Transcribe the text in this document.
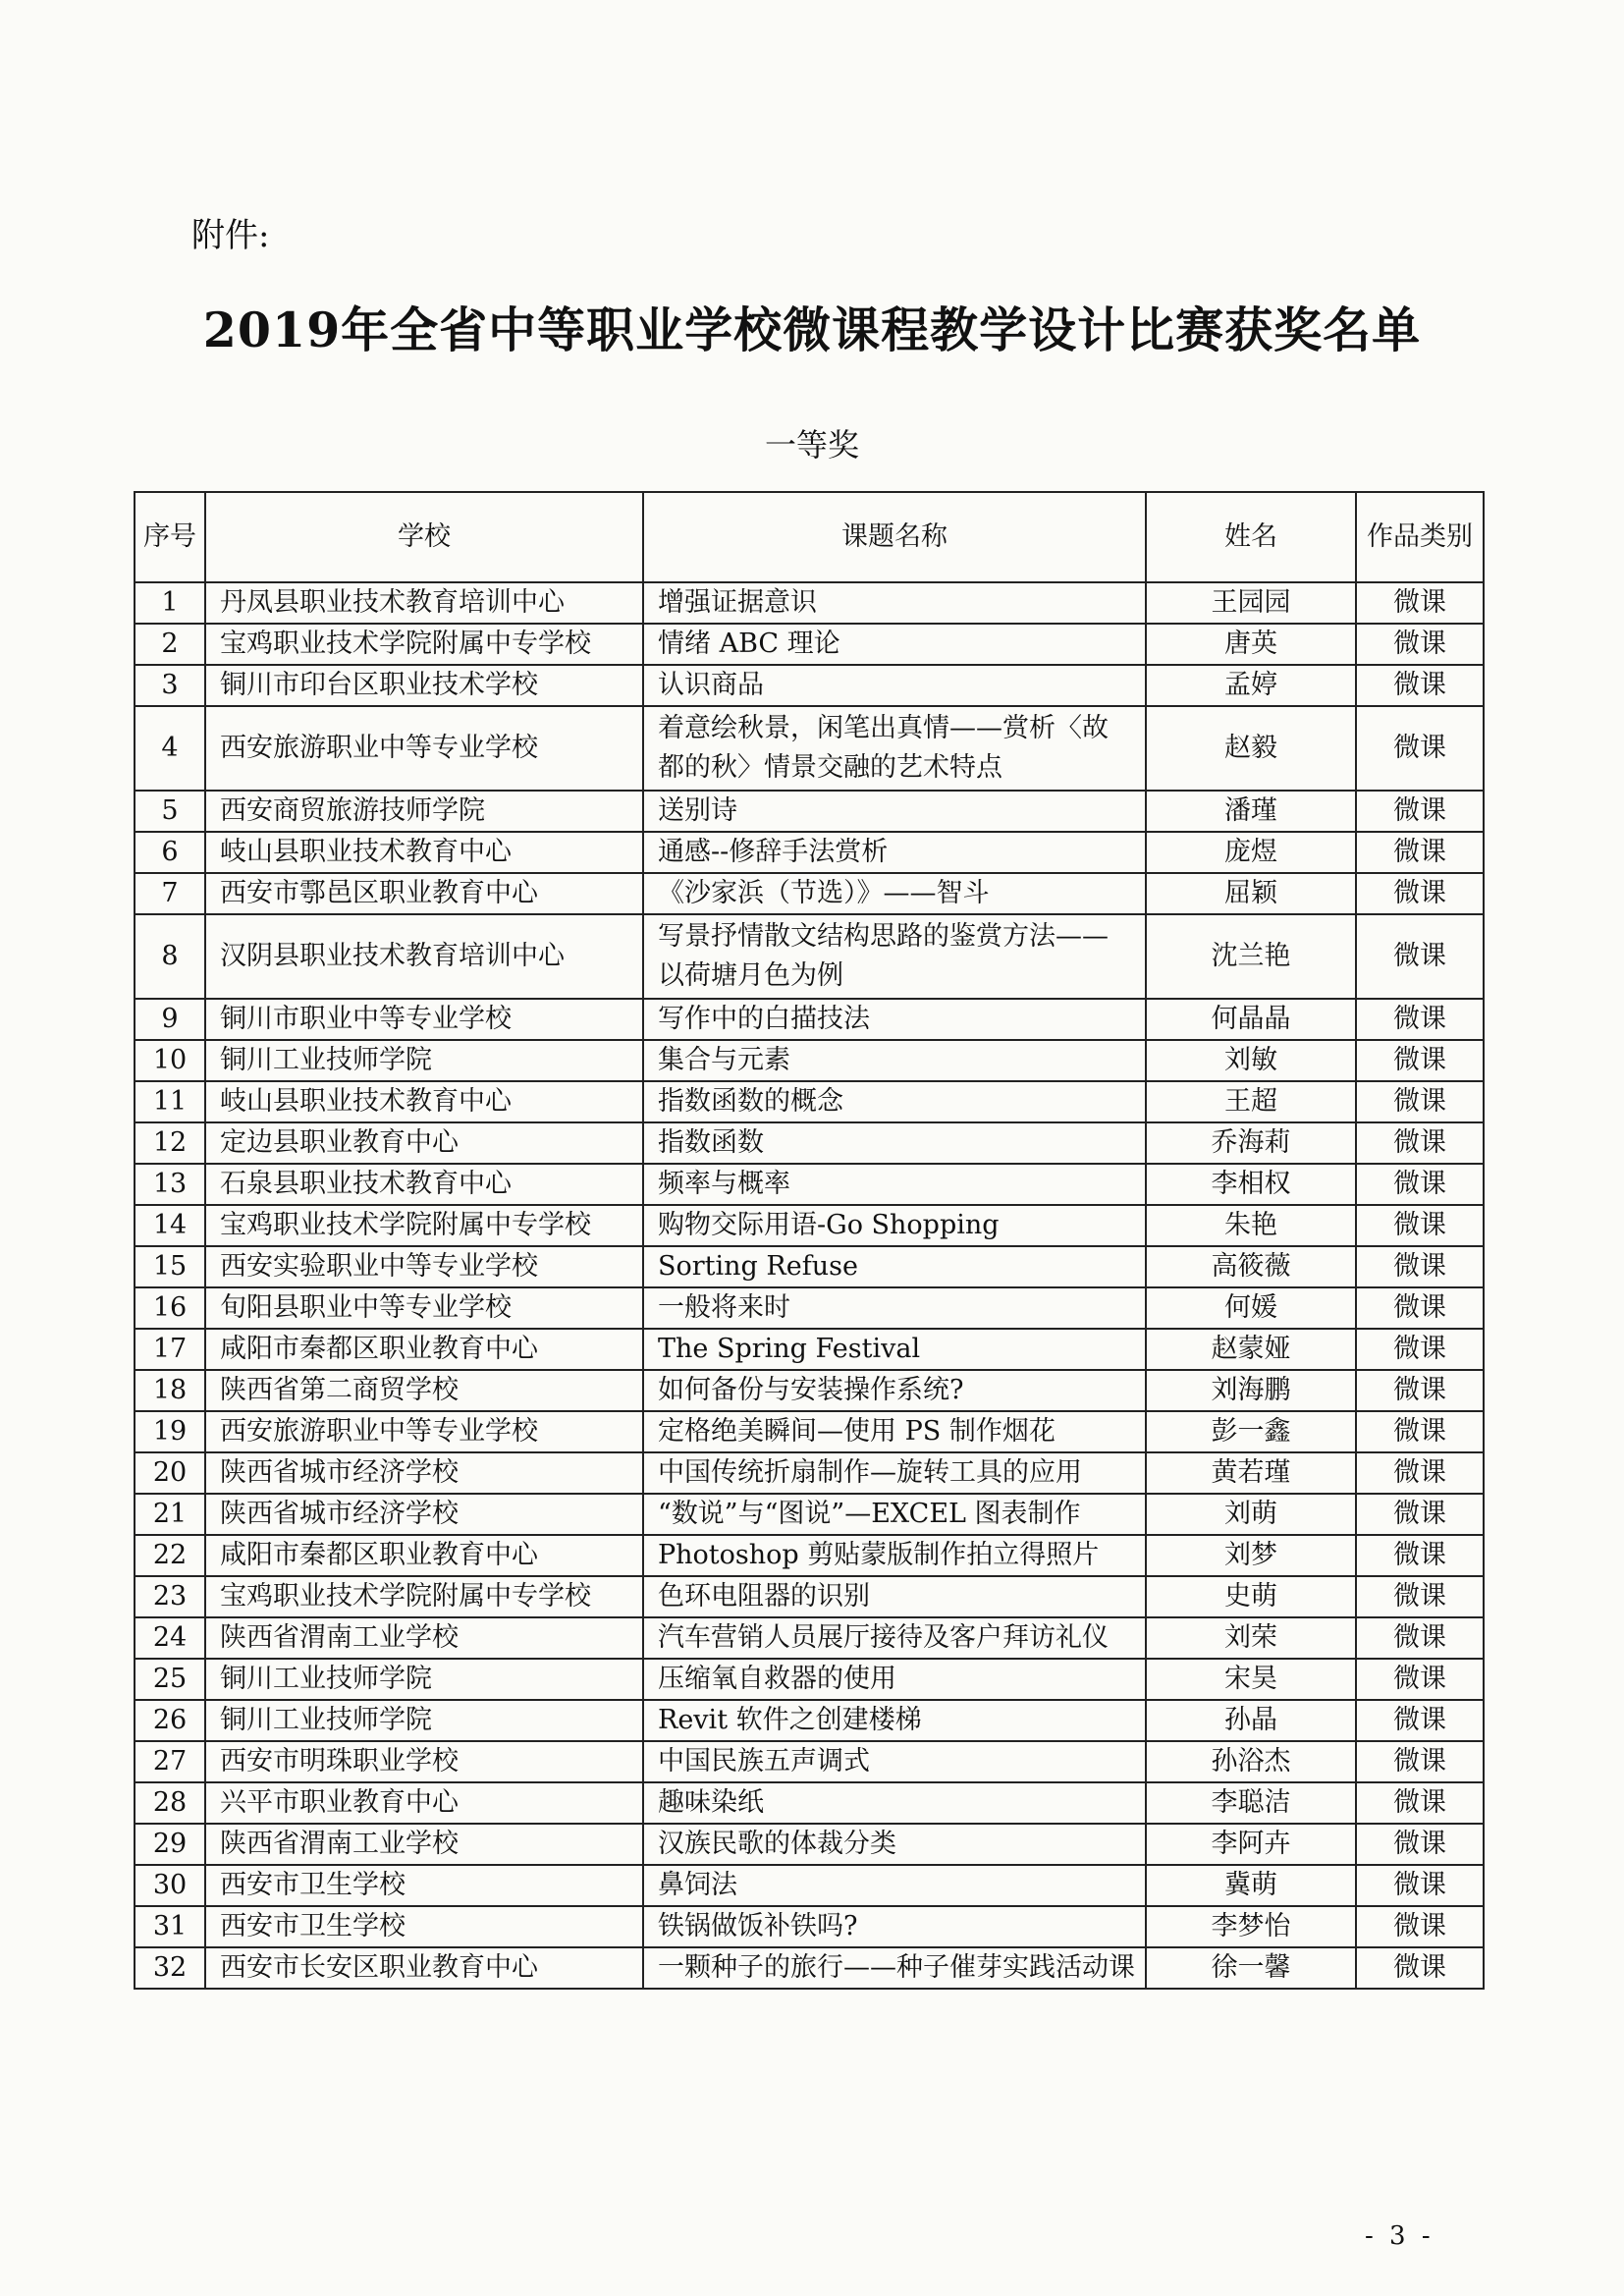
附件:
2019年全省中等职业学校微课程教学设计比赛获奖名单
一等奖
序号	学校	课题名称	姓名	作品类别
1	丹凤县职业技术教育培训中心	增强证据意识	王园园	微课
2	宝鸡职业技术学院附属中专学校	情绪 ABC 理论	唐英	微课
3	铜川市印台区职业技术学校	认识商品	孟婷	微课
4	西安旅游职业中等专业学校	着意绘秋景，闲笔出真情——赏析〈故都的秋〉情景交融的艺术特点	赵毅	微课
5	西安商贸旅游技师学院	送别诗	潘瑾	微课
6	岐山县职业技术教育中心	通感--修辞手法赏析	庞煜	微课
7	西安市鄠邑区职业教育中心	《沙家浜（节选）》——智斗	屈颖	微课
8	汉阴县职业技术教育培训中心	写景抒情散文结构思路的鉴赏方法——以荷塘月色为例	沈兰艳	微课
9	铜川市职业中等专业学校	写作中的白描技法	何晶晶	微课
10	铜川工业技师学院	集合与元素	刘敏	微课
11	岐山县职业技术教育中心	指数函数的概念	王超	微课
12	定边县职业教育中心	指数函数	乔海莉	微课
13	石泉县职业技术教育中心	频率与概率	李相权	微课
14	宝鸡职业技术学院附属中专学校	购物交际用语-Go Shopping	朱艳	微课
15	西安实验职业中等专业学校	Sorting Refuse	高筱薇	微课
16	旬阳县职业中等专业学校	一般将来时	何媛	微课
17	咸阳市秦都区职业教育中心	The Spring Festival	赵蒙娅	微课
18	陕西省第二商贸学校	如何备份与安装操作系统?	刘海鹏	微课
19	西安旅游职业中等专业学校	定格绝美瞬间—使用 PS 制作烟花	彭一鑫	微课
20	陕西省城市经济学校	中国传统折扇制作—旋转工具的应用	黄若瑾	微课
21	陕西省城市经济学校	“数说”与“图说”—EXCEL 图表制作	刘萌	微课
22	咸阳市秦都区职业教育中心	Photoshop 剪贴蒙版制作拍立得照片	刘梦	微课
23	宝鸡职业技术学院附属中专学校	色环电阻器的识别	史萌	微课
24	陕西省渭南工业学校	汽车营销人员展厅接待及客户拜访礼仪	刘荣	微课
25	铜川工业技师学院	压缩氧自救器的使用	宋昊	微课
26	铜川工业技师学院	Revit 软件之创建楼梯	孙晶	微课
27	西安市明珠职业学校	中国民族五声调式	孙浴杰	微课
28	兴平市职业教育中心	趣味染纸	李聪洁	微课
29	陕西省渭南工业学校	汉族民歌的体裁分类	李阿卉	微课
30	西安市卫生学校	鼻饲法	冀萌	微课
31	西安市卫生学校	铁锅做饭补铁吗?	李梦怡	微课
32	西安市长安区职业教育中心	一颗种子的旅行——种子催芽实践活动课	徐一馨	微课
- 3 -
